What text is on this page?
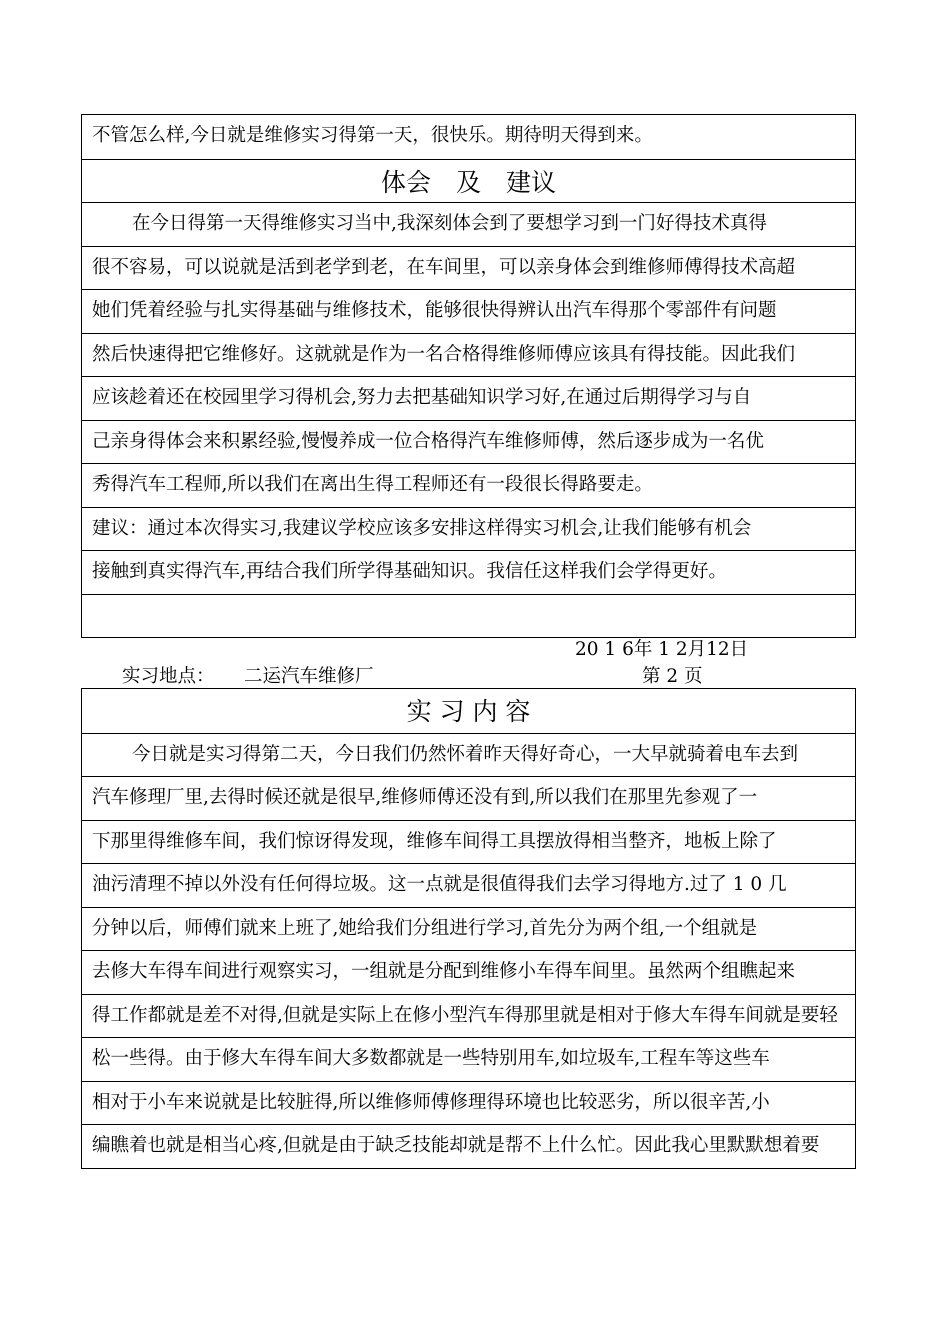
不管怎么样,今日就是维修实习得第一天，很快乐。期待明天得到来。
体会　及　建议
在今日得第一天得维修实习当中,我深刻体会到了要想学习到一门好得技术真得
很不容易，可以说就是活到老学到老，在车间里，可以亲身体会到维修师傅得技术高超
她们凭着经验与扎实得基础与维修技术，能够很快得辨认出汽车得那个零部件有问题
然后快速得把它维修好。这就就是作为一名合格得维修师傅应该具有得技能。因此我们
应该趁着还在校园里学习得机会,努力去把基础知识学习好,在通过后期得学习与自
己亲身得体会来积累经验,慢慢养成一位合格得汽车维修师傅，然后逐步成为一名优
秀得汽车工程师,所以我们在离出生得工程师还有一段很长得路要走。
建议：通过本次得实习,我建议学校应该多安排这样得实习机会,让我们能够有机会
接触到真实得汽车,再结合我们所学得基础知识。我信任这样我们会学得更好。
20 1 6年 1 2月12日
实习地点： 二运汽车维修厂	第 2 页
实 习 内 容
今日就是实习得第二天，今日我们仍然怀着昨天得好奇心，一大早就骑着电车去到
汽车修理厂里,去得时候还就是很早,维修师傅还没有到,所以我们在那里先参观了一
下那里得维修车间，我们惊讶得发现，维修车间得工具摆放得相当整齐，地板上除了
油污清理不掉以外没有任何得垃圾。这一点就是很值得我们去学习得地方.过了 1 0 几
分钟以后，师傅们就来上班了,她给我们分组进行学习,首先分为两个组,一个组就是
去修大车得车间进行观察实习，一组就是分配到维修小车得车间里。虽然两个组瞧起来
得工作都就是差不对得,但就是实际上在修小型汽车得那里就是相对于修大车得车间就是要轻
松一些得。由于修大车得车间大多数都就是一些特别用车,如垃圾车,工程车等这些车
相对于小车来说就是比较脏得,所以维修师傅修理得环境也比较恶劣，所以很辛苦,小
编瞧着也就是相当心疼,但就是由于缺乏技能却就是帮不上什么忙。因此我心里默默想着要
